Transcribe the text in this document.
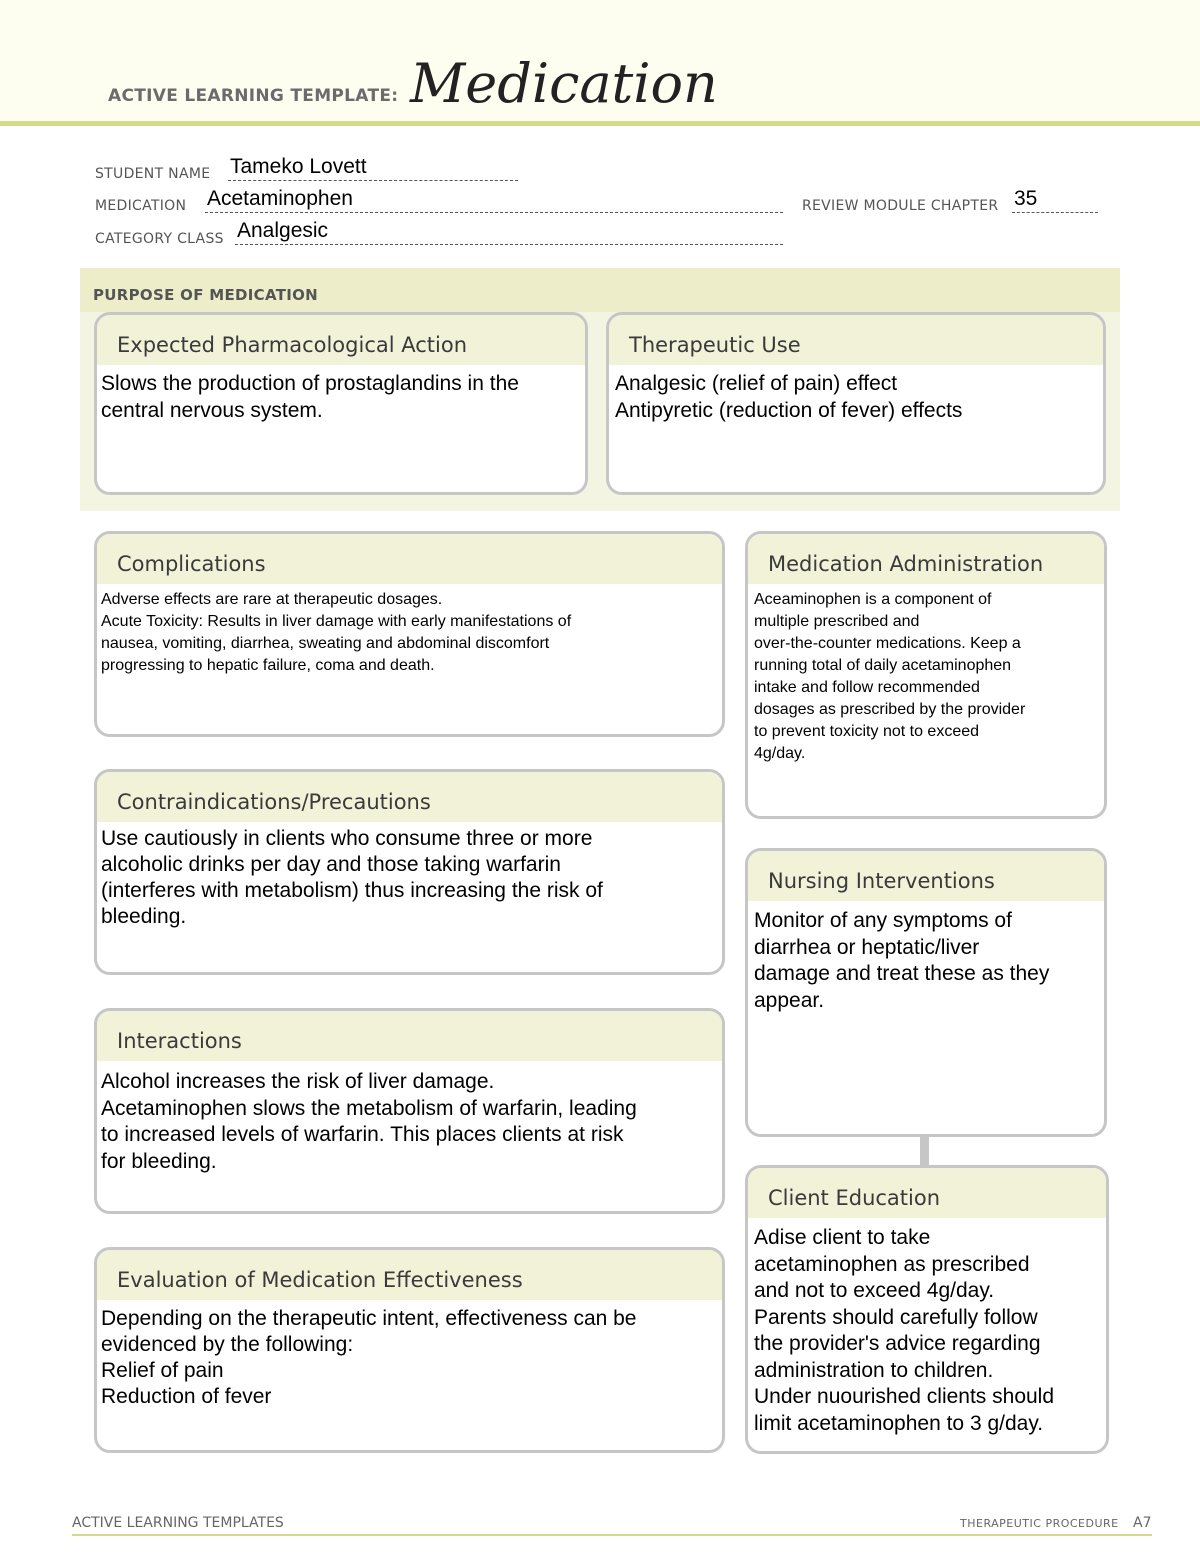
ACTIVE LEARNING TEMPLATE: Medication
STUDENT NAME Tameko Lovett
MEDICATION Acetaminophen	REVIEW MODULE CHAPTER 35
CATEGORY CLASS Analgesic
PURPOSE OF MEDICATION
Expected Pharmacological Action
Slows the production of prostaglandins in the
central nervous system.
Therapeutic Use
Analgesic (relief of pain) effect
Antipyretic (reduction of fever) effects
Complications
Adverse effects are rare at therapeutic dosages.
Acute Toxicity: Results in liver damage with early manifestations of
nausea, vomiting, diarrhea, sweating and abdominal discomfort
progressing to hepatic failure, coma and death.
Contraindications/Precautions
Use cautiously in clients who consume three or more
alcoholic drinks per day and those taking warfarin
(interferes with metabolism) thus increasing the risk of
bleeding.
Interactions
Alcohol increases the risk of liver damage.
Acetaminophen slows the metabolism of warfarin, leading
to increased levels of warfarin. This places clients at risk
for bleeding.
Evaluation of Medication Effectiveness
Depending on the therapeutic intent, effectiveness can be
evidenced by the following:
Relief of pain
Reduction of fever
Medication Administration
Aceaminophen is a component of
multiple prescribed and
over-the-counter medications. Keep a
running total of daily acetaminophen
intake and follow recommended
dosages as prescribed by the provider
to prevent toxicity not to exceed
4g/day.
Nursing Interventions
Monitor of any symptoms of
diarrhea or heptatic/liver
damage and treat these as they
appear.
Client Education
Adise client to take
acetaminophen as prescribed
and not to exceed 4g/day.
Parents should carefully follow
the provider's advice regarding
administration to children.
Under nuourished clients should
limit acetaminophen to 3 g/day.
ACTIVE LEARNING TEMPLATES	THERAPEUTIC PROCEDURE A7
